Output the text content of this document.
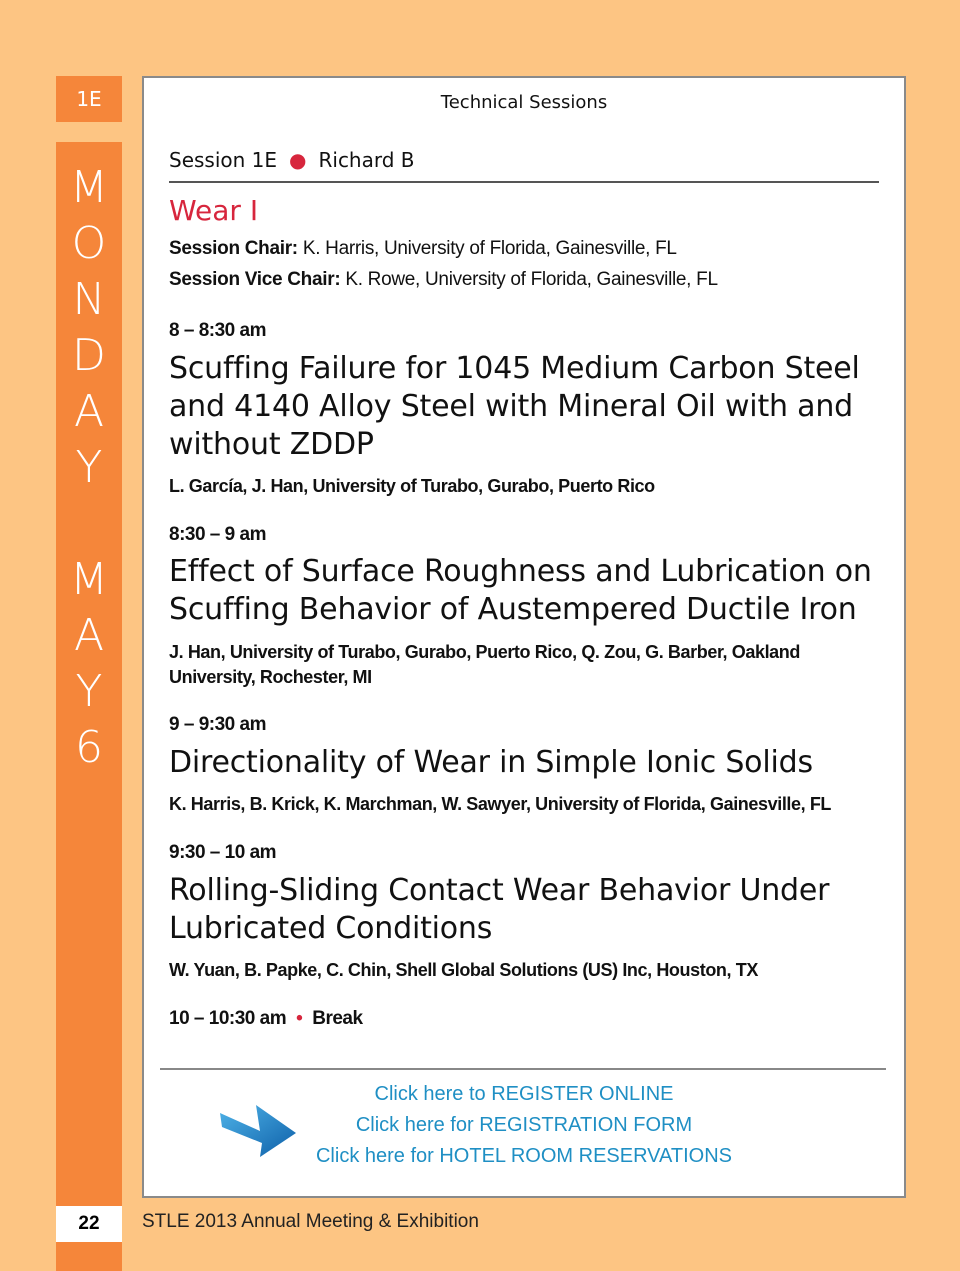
1E
M
O
N
D
A
Y
M
A
Y
6
22	STLE 2013 Annual Meeting & Exhibition
Technical Sessions
Session 1E ● Richard B
Wear I
Session Chair: K. Harris, University of Florida, Gainesville, FL
Session Vice Chair: K. Rowe, University of Florida, Gainesville, FL
8 – 8:30 am
Scuffing Failure for 1045 Medium Carbon Steel and 4140 Alloy Steel with Mineral Oil with and without ZDDP
L. García, J. Han, University of Turabo, Gurabo, Puerto Rico
8:30 – 9 am
Effect of Surface Roughness and Lubrication on Scuffing Behavior of Austempered Ductile Iron
J. Han, University of Turabo, Gurabo, Puerto Rico, Q. Zou, G. Barber, Oakland University, Rochester, MI
9 – 9:30 am
Directionality of Wear in Simple Ionic Solids
K. Harris, B. Krick, K. Marchman, W. Sawyer, University of Florida, Gainesville, FL
9:30 – 10 am
Rolling-Sliding Contact Wear Behavior Under Lubricated Conditions
W. Yuan, B. Papke, C. Chin, Shell Global Solutions (US) Inc, Houston, TX
10 – 10:30 am • Break
Click here to REGISTER ONLINE
Click here for REGISTRATION FORM
Click here for HOTEL ROOM RESERVATIONS
